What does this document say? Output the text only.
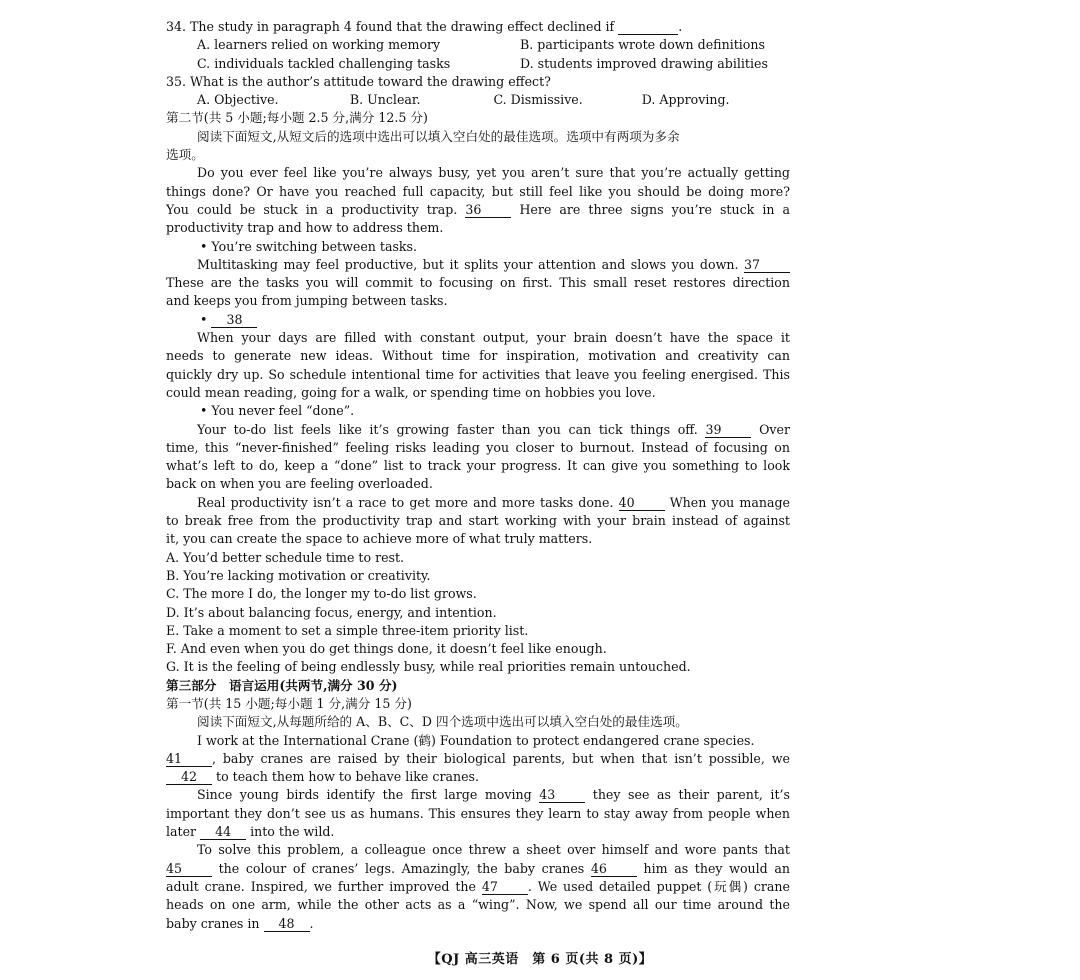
34. The study in paragraph 4 found that the drawing effect declined if	.
A. learners relied on working memory	B. participants wrote down definitions
C. individuals tackled challenging tasks	D. students improved drawing abilities
35. What is the author’s attitude toward the drawing effect?
A. Objective.	B. Unclear.	C. Dismissive.	D. Approving.
第二节(共 5 小题;每小题 2.5 分,满分 12.5 分)
阅读下面短文,从短文后的选项中选出可以填入空白处的最佳选项。选项中有两项为多余
选项。
Do you ever feel like you’re always busy, yet you aren’t sure that you’re actually getting
things done? Or have you reached full capacity, but still feel like you should be doing more?
You could be stuck in a productivity trap. 36	Here are three signs you’re stuck in a
productivity trap and how to address them.
• You’re switching between tasks.
Multitasking may feel productive, but it splits your attention and slows you down. 37
These are the tasks you will commit to focusing on first. This small reset restores direction
and keeps you from jumping between tasks.
• 38
When your days are filled with constant output, your brain doesn’t have the space it
needs to generate new ideas. Without time for inspiration, motivation and creativity can
quickly dry up. So schedule intentional time for activities that leave you feeling energised. This
could mean reading, going for a walk, or spending time on hobbies you love.
• You never feel “done”.
Your to-do list feels like it’s growing faster than you can tick things off. 39	Over
time, this “never-finished” feeling risks leading you closer to burnout. Instead of focusing on
what’s left to do, keep a “done” list to track your progress. It can give you something to look
back on when you are feeling overloaded.
Real productivity isn’t a race to get more and more tasks done. 40	When you manage
to break free from the productivity trap and start working with your brain instead of against
it, you can create the space to achieve more of what truly matters.
A. You’d better schedule time to rest.
B. You’re lacking motivation or creativity.
C. The more I do, the longer my to-do list grows.
D. It’s about balancing focus, energy, and intention.
E. Take a moment to set a simple three-item priority list.
F. And even when you do get things done, it doesn’t feel like enough.
G. It is the feeling of being endlessly busy, while real priorities remain untouched.
第三部分　语言运用(共两节,满分 30 分)
第一节(共 15 小题;每小题 1 分,满分 15 分)
阅读下面短文,从每题所给的 A、B、C、D 四个选项中选出可以填入空白处的最佳选项。
I work at the International Crane (鹤) Foundation to protect endangered crane species.
41 , baby cranes are raised by their biological parents, but when that isn’t possible, we
42 to teach them how to behave like cranes.
Since young birds identify the first large moving 43	they see as their parent, it’s
important they don’t see us as humans. This ensures they learn to stay away from people when
later 44 into the wild.
To solve this problem, a colleague once threw a sheet over himself and wore pants that
45	the colour of cranes’ legs. Amazingly, the baby cranes 46	him as they would an
adult crane. Inspired, we further improved the 47 . We used detailed puppet (玩偶) crane
heads on one arm, while the other acts as a “wing”. Now, we spend all our time around the
baby cranes in 48 .
【QJ 高三英语　第 6 页(共 8 页)】
